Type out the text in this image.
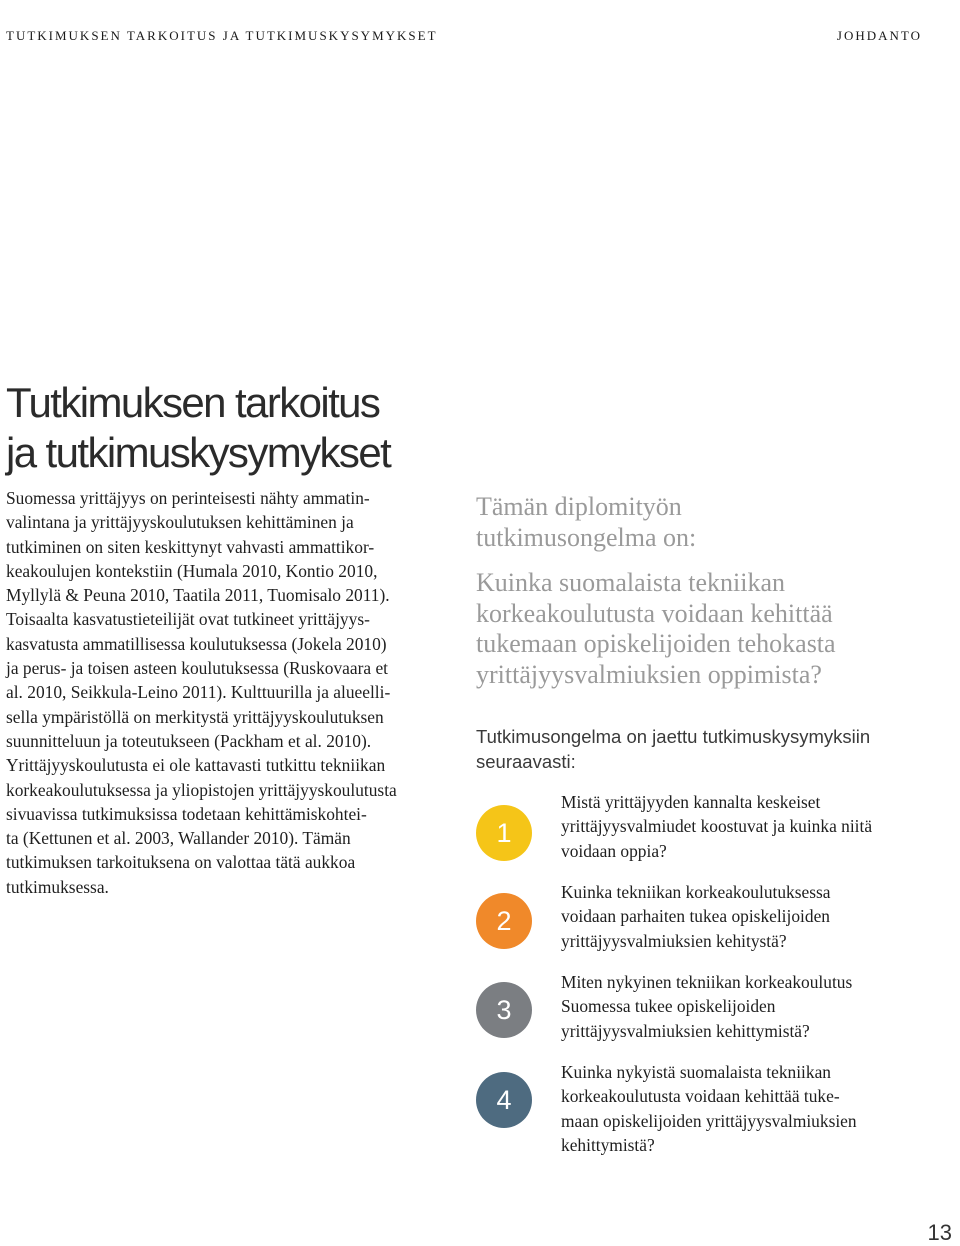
TUTKIMUKSEN TARKOITUS JA TUTKIMUSKYSYMYKSET	JOHDANTO
Tutkimuksen tarkoitus
ja tutkimuskysymykset

Suomessa yrittäjyys on perinteisesti nähty ammatin-
valintana ja yrittäjyyskoulutuksen kehittäminen ja
tutkiminen on siten keskittynyt vahvasti ammattikor-
keakoulujen kontekstiin (Humala 2010, Kontio 2010,
Myllylä & Peuna 2010, Taatila 2011, Tuomisalo 2011).
Toisaalta kasvatustieteilijät ovat tutkineet yrittäjyys-
kasvatusta ammatillisessa koulutuksessa (Jokela 2010)
ja perus- ja toisen asteen koulutuksessa (Ruskovaara et
al. 2010, Seikkula-Leino 2011). Kulttuurilla ja alueelli-
sella ympäristöllä on merkitystä yrittäjyyskoulutuksen
suunnitteluun ja toteutukseen (Packham et al. 2010).
Yrittäjyyskoulutusta ei ole kattavasti tutkittu tekniikan
korkeakoulutuksessa ja yliopistojen yrittäjyyskoulutusta
sivuavissa tutkimuksissa todetaan kehittämiskohtei-
ta (Kettunen et al. 2003, Wallander 2010). Tämän
tutkimuksen tarkoituksena on valottaa tätä aukkoa
tutkimuksessa.

Tämän diplomityön
tutkimusongelma on:
Kuinka suomalaista tekniikan
korkeakoulutusta voidaan kehittää
tukemaan opiskelijoiden tehokasta
yrittäjyysvalmiuksien oppimista?
Tutkimusongelma on jaettu tutkimuskysymyksiin
seuraavasti:
1

Mistä yrittäjyyden kannalta keskeiset
yrittäjyysvalmiudet koostuvat ja kuinka niitä
voidaan oppia?

2

Kuinka tekniikan korkeakoulutuksessa
voidaan parhaiten tukea opiskelijoiden
yrittäjyysvalmiuksien kehitystä?

3

Miten nykyinen tekniikan korkeakoulutus
Suomessa tukee opiskelijoiden
yrittäjyysvalmiuksien kehittymistä?

4

Kuinka nykyistä suomalaista tekniikan
korkeakoulutusta voidaan kehittää tuke-
maan opiskelijoiden yrittäjyysvalmiuksien
kehittymistä?

13
